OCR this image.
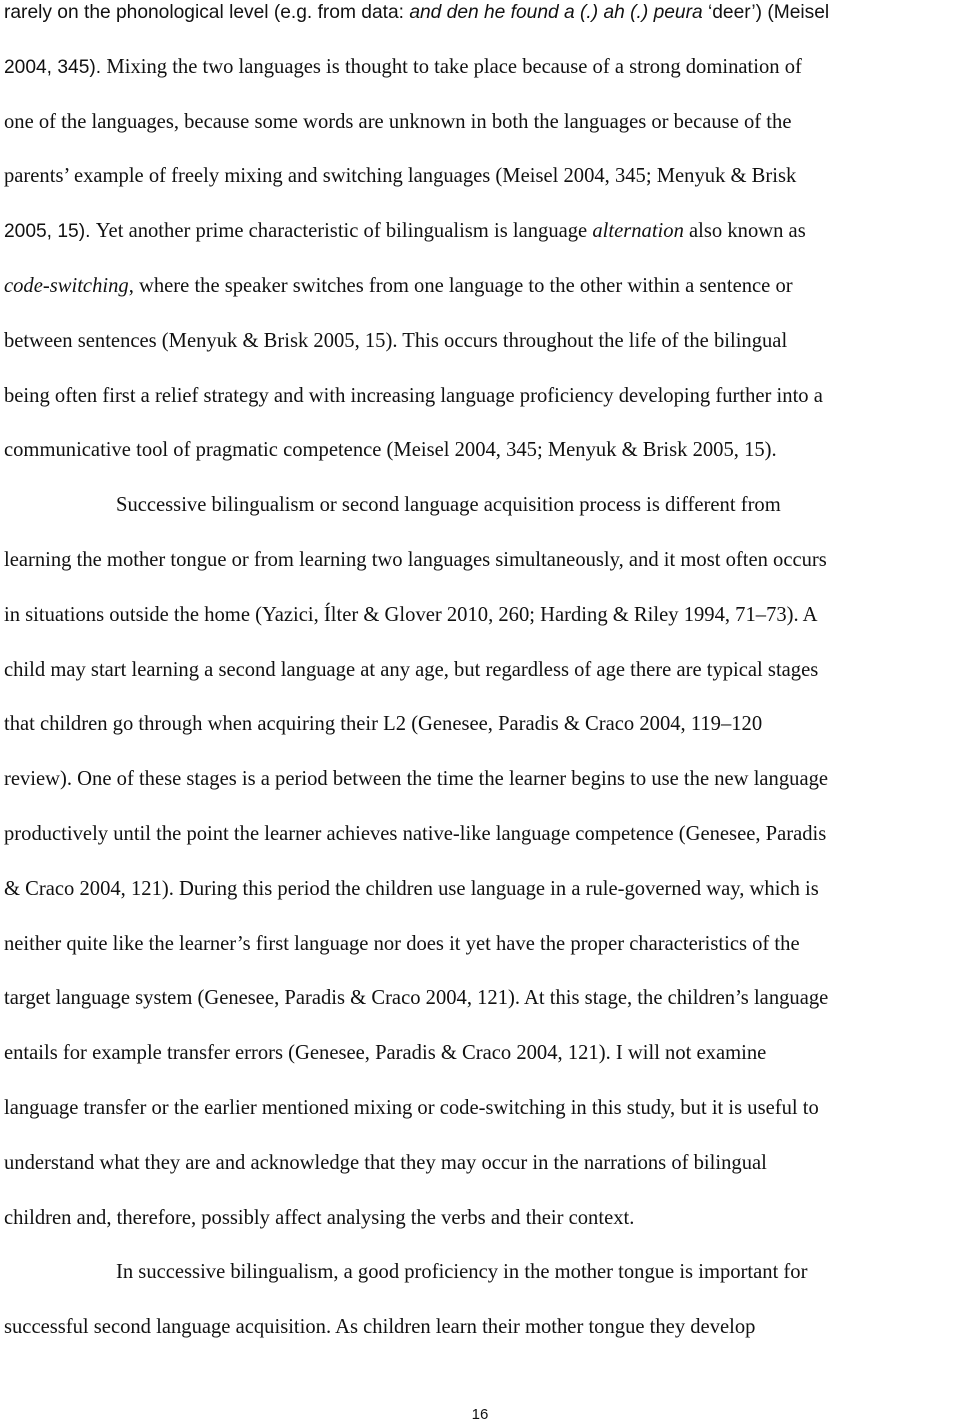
rarely on the phonological level (e.g. from data: and den he found a (.) ah (.) peura ‘deer’) (Meisel
2004, 345). Mixing the two languages is thought to take place because of a strong domination of
one of the languages, because some words are unknown in both the languages or because of the
parents’ example of freely mixing and switching languages (Meisel 2004, 345; Menyuk & Brisk
2005, 15). Yet another prime characteristic of bilingualism is language alternation also known as
code-switching, where the speaker switches from one language to the other within a sentence or
between sentences (Menyuk & Brisk 2005, 15). This occurs throughout the life of the bilingual
being often first a relief strategy and with increasing language proficiency developing further into a
communicative tool of pragmatic competence (Meisel 2004, 345; Menyuk & Brisk 2005, 15).
Successive bilingualism or second language acquisition process is different from
learning the mother tongue or from learning two languages simultaneously, and it most often occurs
in situations outside the home (Yazici, Ílter & Glover 2010, 260; Harding & Riley 1994, 71–73). A
child may start learning a second language at any age, but regardless of age there are typical stages
that children go through when acquiring their L2 (Genesee, Paradis & Craco 2004, 119–120
review). One of these stages is a period between the time the learner begins to use the new language
productively until the point the learner achieves native-like language competence (Genesee, Paradis
& Craco 2004, 121). During this period the children use language in a rule-governed way, which is
neither quite like the learner’s first language nor does it yet have the proper characteristics of the
target language system (Genesee, Paradis & Craco 2004, 121). At this stage, the children’s language
entails for example transfer errors (Genesee, Paradis & Craco 2004, 121). I will not examine
language transfer or the earlier mentioned mixing or code-switching in this study, but it is useful to
understand what they are and acknowledge that they may occur in the narrations of bilingual
children and, therefore, possibly affect analysing the verbs and their context.
In successive bilingualism, a good proficiency in the mother tongue is important for
successful second language acquisition. As children learn their mother tongue they develop
16
